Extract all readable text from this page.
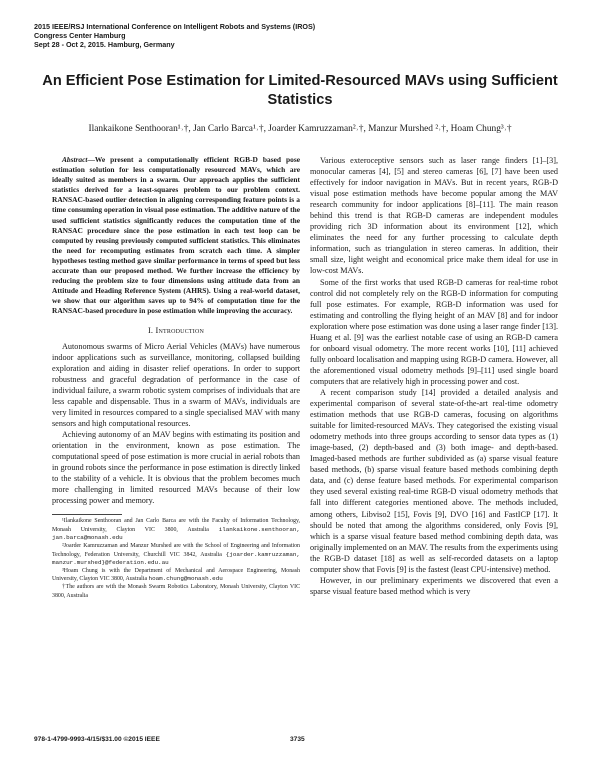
2015 IEEE/RSJ International Conference on Intelligent Robots and Systems (IROS)
Congress Center Hamburg
Sept 28 - Oct 2, 2015. Hamburg, Germany
An Efficient Pose Estimation for Limited-Resourced MAVs using Sufficient Statistics
Ilankaikone Senthooran¹˒†, Jan Carlo Barca¹˒†, Joarder Kamruzzaman²˒†, Manzur Murshed ²˒†, Hoam Chung³˒†

Abstract—We present a computationally efficient RGB-D based pose estimation solution for less computationally resourced MAVs, which are ideally suited as members in a swarm. Our approach applies the sufficient statistics derived for a least-squares problem to our problem context. RANSAC-based outlier detection in aligning corresponding feature points is a time consuming operation in visual pose estimation. The additive nature of the used sufficient statistics significantly reduces the computation time of the RANSAC procedure since the pose estimation in each test loop can be computed by reusing previously computed sufficient statistics. This eliminates the need for recomputing estimates from scratch each time. A simpler hypotheses testing method gave similar performance in terms of speed but less accurate than our proposed method. We further increase the efficiency by reducing the problem size to four dimensions using attitude data from an Attitude and Heading Reference System (AHRS). Using a real-world dataset, we show that our algorithm saves up to 94% of computation time for the RANSAC-based procedure in pose estimation while improving the accuracy.

I. Introduction

Autonomous swarms of Micro Aerial Vehicles (MAVs) have numerous indoor applications such as surveillance, monitoring, collapsed building exploration and aiding in disaster relief operations. In order to support robustness and graceful degradation of performance in the case of individual failure, a swarm robotic system comprises of individuals that are less capable and dispensable. Thus in a swarm of MAVs, individuals are very limited in resources compared to a single specialised MAV with many sensors and high computational resources.

Achieving autonomy of an MAV begins with estimating its position and orientation in the environment, known as pose estimation. The computational speed of pose estimation is more crucial in aerial robots than in ground robots since the performance in pose estimation is directly linked to the stability of a vehicle. It is obvious that the problem becomes much more challenging in limited resourced MAVs because of their low processing power and memory.

¹Ilankaikone Senthooran and Jan Carlo Barca are with the Faculty of Information Technology, Monash University, Clayton VIC 3800, Australia ilankaikone.senthooran, jan.barca@monash.edu

²Joarder Kamruzzaman and Manzur Murshed are with the School of Engineering and Information Technology, Federation University, Churchill VIC 3842, Australia {joarder.kamruzzaman, manzur.murshed}@federation.edu.au

³Hoam Chung is with the Department of Mechanical and Aerospace Engineering, Monash University, Clayton VIC 3800, Australia hoam.chung@monash.edu

†The authors are with the Monash Swarm Robotics Laboratory, Monash University, Clayton VIC 3800, Australia

Various exteroceptive sensors such as laser range finders [1]–[3], monocular cameras [4], [5] and stereo cameras [6], [7] have been used effectively for indoor navigation in MAVs. But in recent years, RGB-D visual pose estimation methods have become popular among the MAV research community for indoor applications [8]–[11]. The main reason behind this trend is that RGB-D cameras are independent modules providing rich 3D information about its environment [12], which eliminates the need for any further processing to calculate depth information, such as triangulation in stereo cameras. In addition, their small size, light weight and economical price make them ideal for use in low-cost MAVs.

Some of the first works that used RGB-D cameras for real-time robot control did not completely rely on the RGB-D information for computing full pose estimates. For example, RGB-D information was used for estimating and controlling the flying height of an MAV [8] and for indoor exploration where pose estimation was done using a laser range finder [13]. Huang et al. [9] was the earliest notable case of using an RGB-D camera for onboard visual odometry. The more recent works [10], [11] achieved fully onboard localisation and mapping using RGB-D camera. However, all the aforementioned visual odometry methods [9]–[11] used single board computers that are relatively high in processing power and cost.

A recent comparison study [14] provided a detailed analysis and experimental comparison of several state-of-the-art real-time odometry estimation methods that use RGB-D cameras, focusing on algorithms suitable for limited-resourced MAVs. They categorised the existing visual odometry methods into three groups according to sensor data types as (1) image-based, (2) depth-based and (3) both image- and depth-based. Imaged-based methods are further subdivided as (a) sparse visual feature based methods, (b) sparse visual feature based methods combining depth data, and (c) dense feature based methods. For experimental comparison they used several existing real-time RGB-D visual odometry methods that fall into different categories mentioned above. The methods included, among others, Libviso2 [15], Fovis [9], DVO [16] and FastICP [17]. It should be noted that among the algorithms considered, only Fovis [9], which is a sparse visual feature based method combining depth data, was originally implemented on an MAV. The results from the experiments using the RGB-D dataset [18] as well as self-recorded datasets on a laptop computer show that Fovis [9] is the fastest (least CPU-intensive) method.

However, in our preliminary experiments we discovered that even a sparse visual feature based method which is very

978-1-4799-9993-4/15/$31.00 ©2015 IEEE	3735
